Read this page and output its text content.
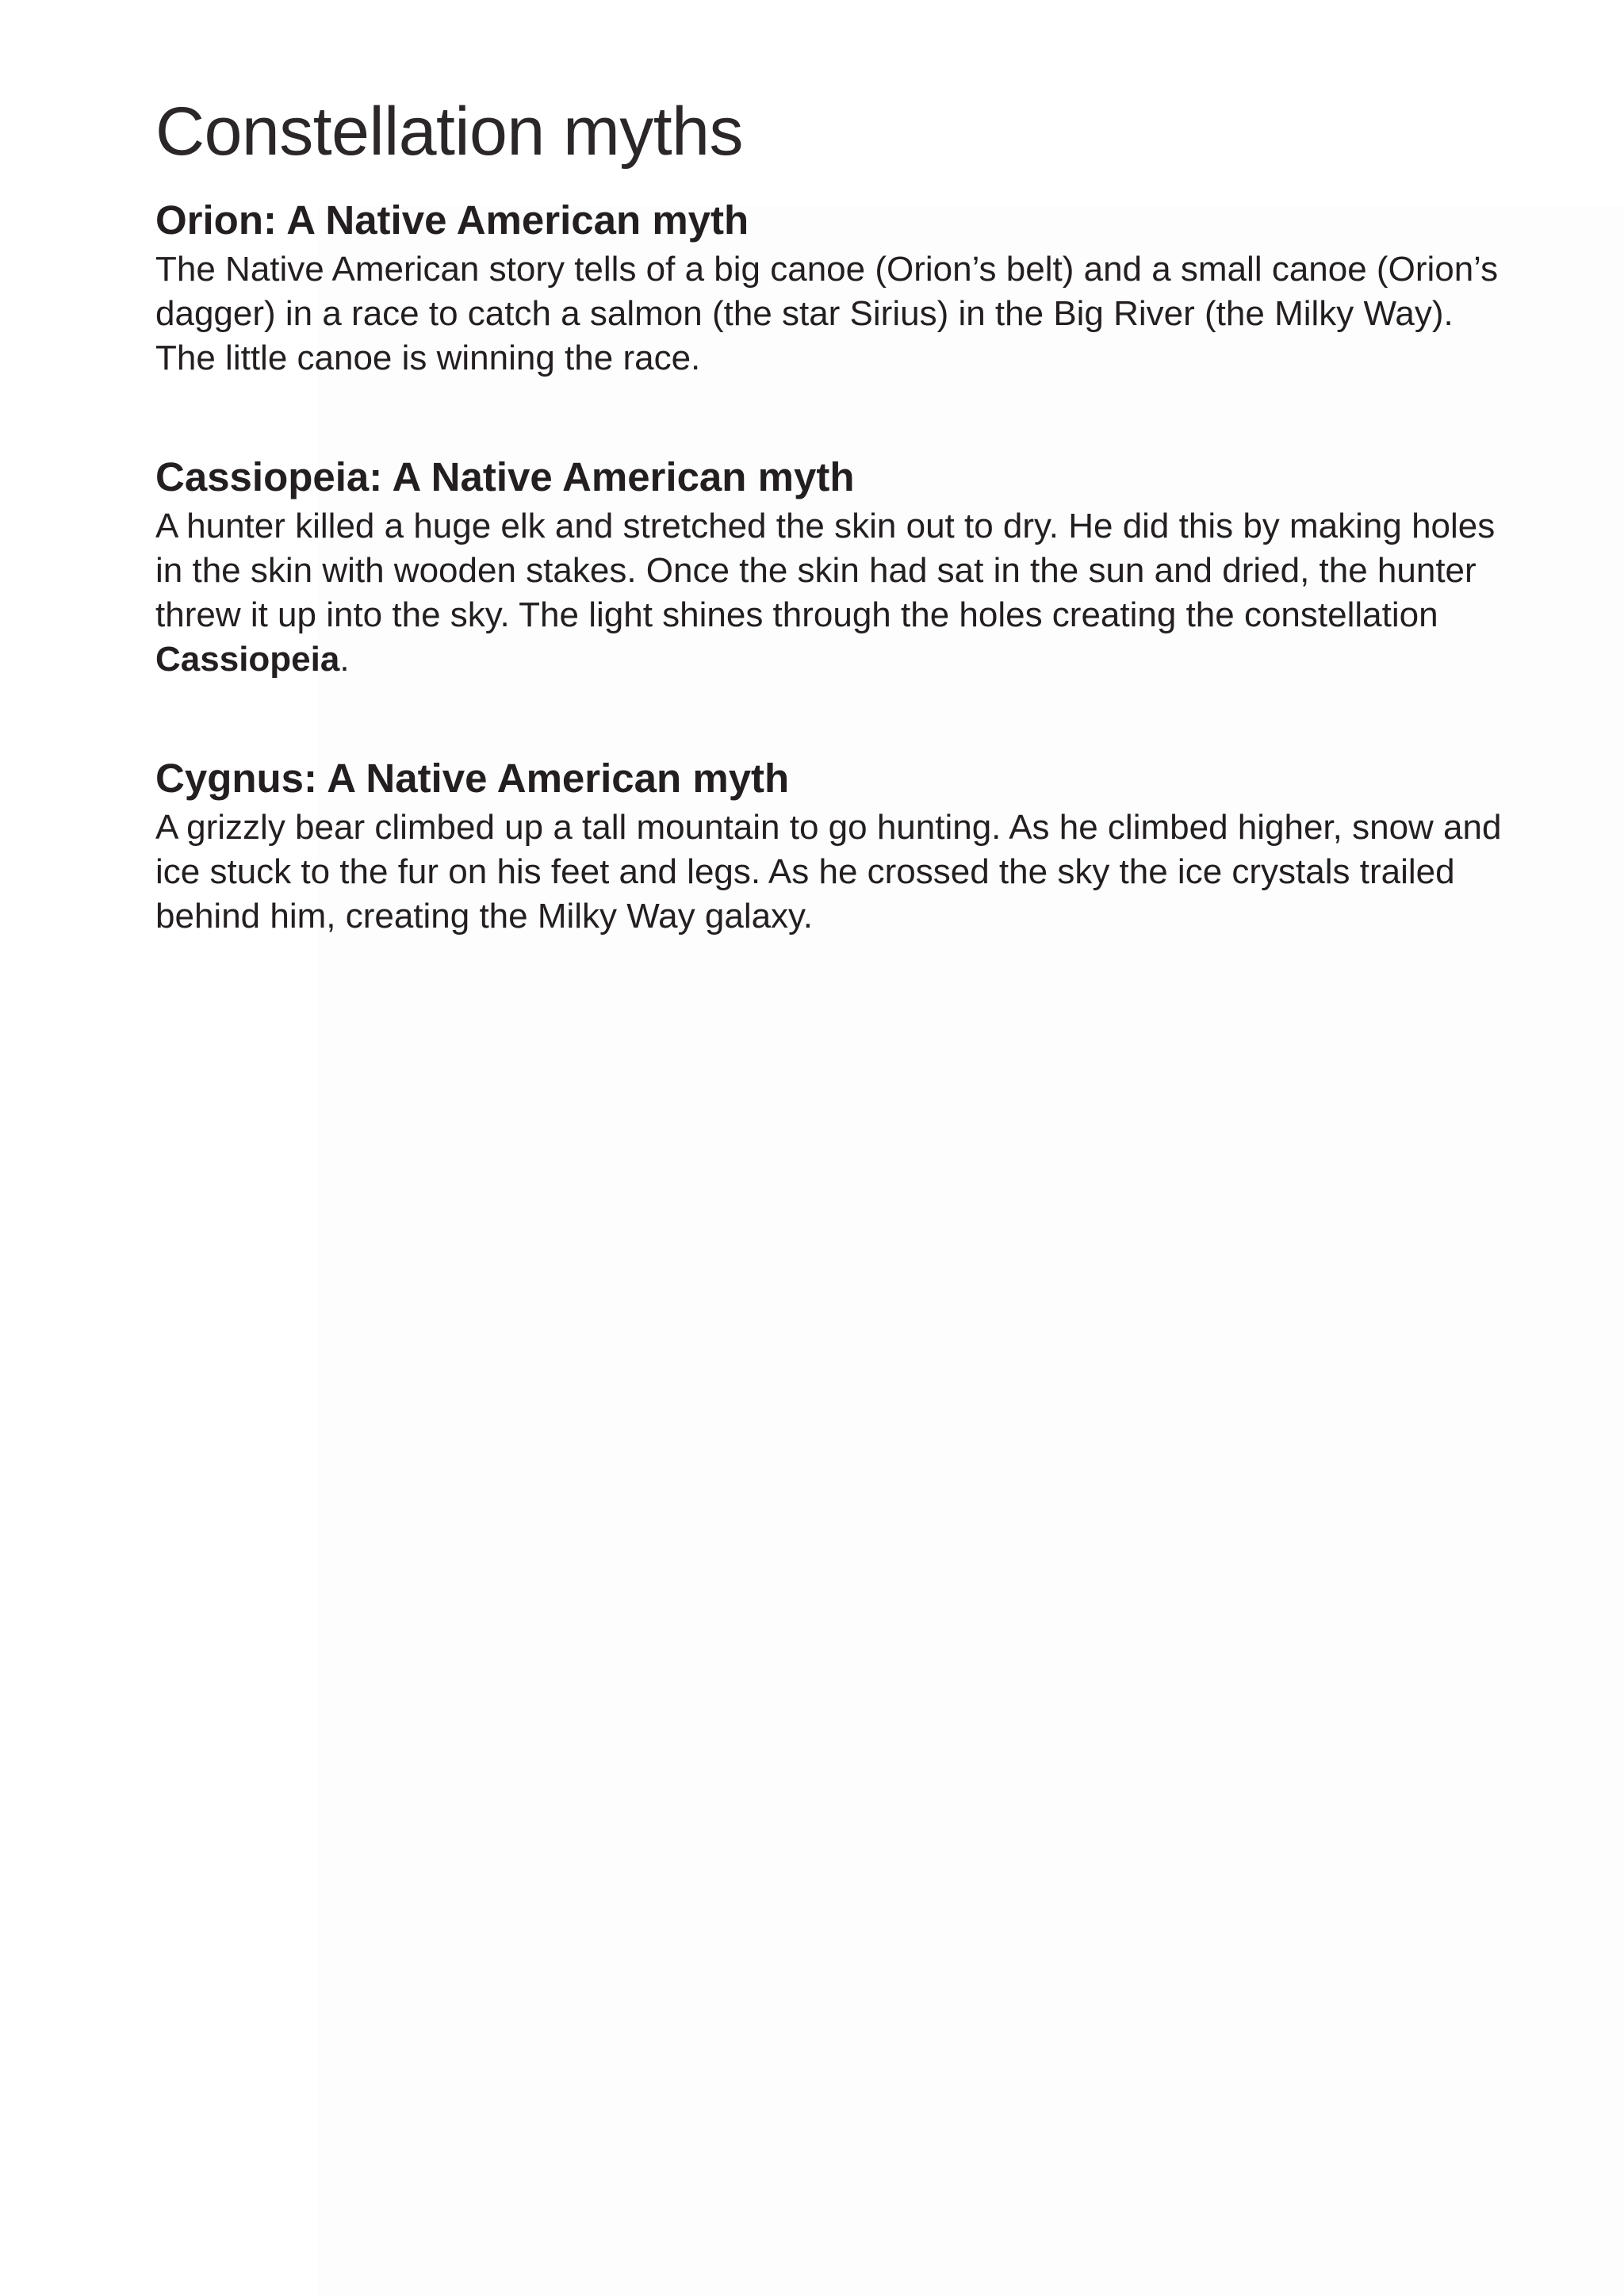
Constellation myths
Orion: A Native American myth

The Native American story tells of a big canoe (Orion’s belt) and a small canoe (Orion’s dagger) in a race to catch a salmon (the star Sirius) in the Big River (the Milky Way). The little canoe is winning the race.

Cassiopeia: A Native American myth

A hunter killed a huge elk and stretched the skin out to dry. He did this by making holes in the skin with wooden stakes. Once the skin had sat in the sun and dried, the hunter threw it up into the sky. The light shines through the holes creating the constellation Cassiopeia.

Cygnus: A Native American myth

A grizzly bear climbed up a tall mountain to go hunting. As he climbed higher, snow and ice stuck to the fur on his feet and legs. As he crossed the sky the ice crystals trailed behind him, creating the Milky Way galaxy.
